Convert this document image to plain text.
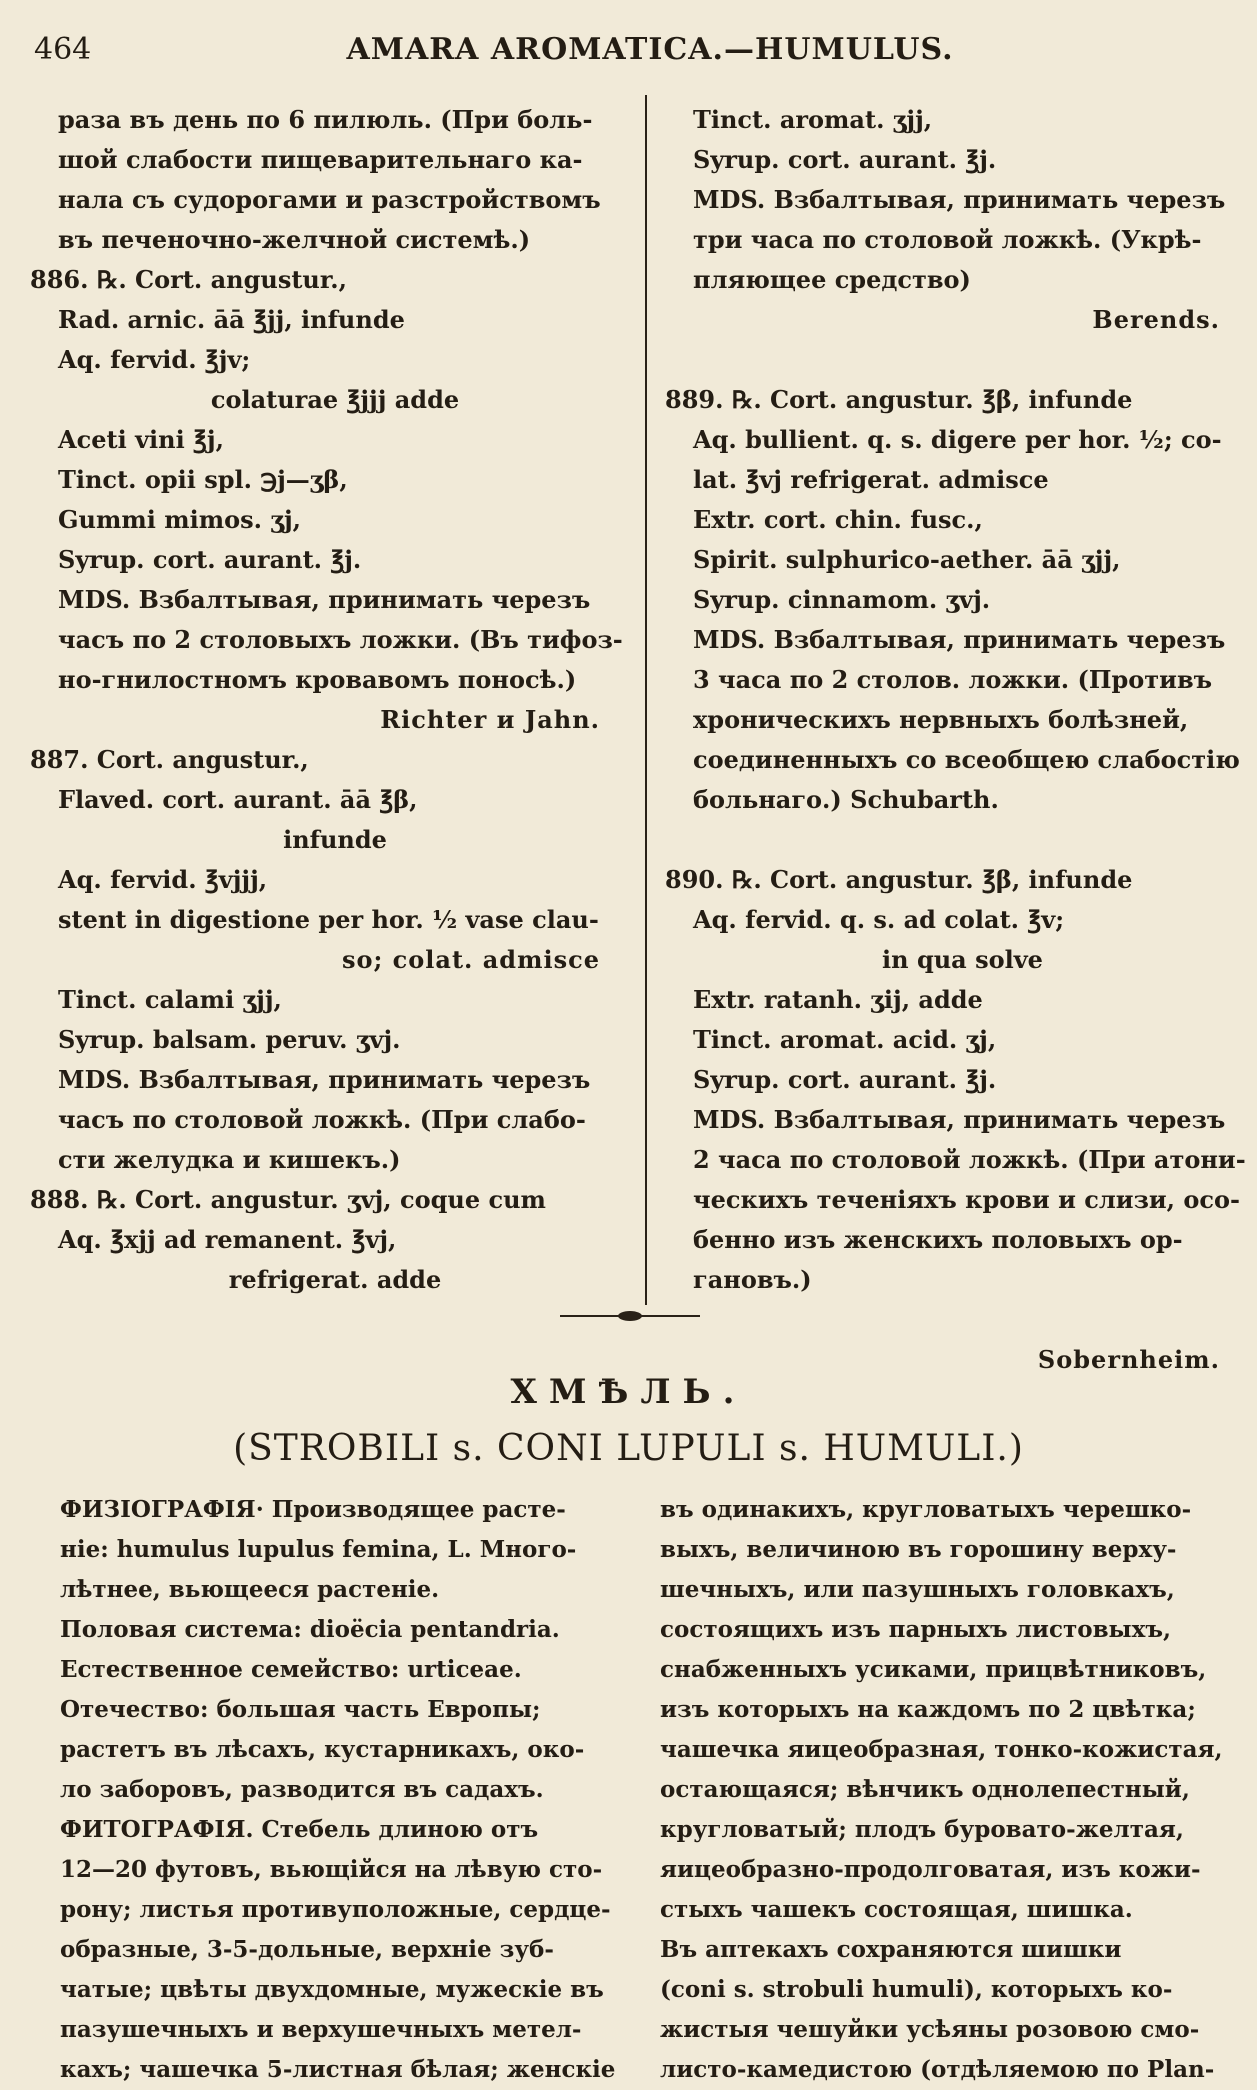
464	AMARA AROMATICA.—HUMULUS.
раза въ день по 6 пилюль. (При боль-
шой слабости пищеварительнаго ка-
нала съ судорогами и разстройствомъ
въ печеночно-желчной системѣ.)
886. ℞. Cort. angustur.,
Rad. arnic. āā ℥jj, infunde
Aq. fervid. ℥jv;
colaturae ℥jjj adde
Aceti vini ℥j,
Tinct. opii spl. ℈j—ʒβ,
Gummi mimos. ʒj,
Syrup. cort. aurant. ℥j.
MDS. Взбалтывая, принимать черезъ
часъ по 2 столовыхъ ложки. (Въ тифоз-
но-гнилостномъ кровавомъ поносѣ.)
Richter и Jahn.
887. Cort. angustur.,
Flaved. cort. aurant. āā ℥β,
infunde
Aq. fervid. ℥vjjj,
stent in digestione per hor. ½ vase clau-
so; colat. admisce
Tinct. calami ʒjj,
Syrup. balsam. peruv. ʒvj.
MDS. Взбалтывая, принимать черезъ
часъ по столовой ложкѣ. (При слабо-
сти желудка и кишекъ.)
888. ℞. Cort. angustur. ʒvj, coque cum
Aq. ℥xjj ad remanent. ℥vj,
refrigerat. adde
Tinct. aromat. ʒjj,
Syrup. cort. aurant. ℥j.
MDS. Взбалтывая, принимать черезъ
три часа по столовой ложкѣ. (Укрѣ-
пляющее средство)
Berends.
889. ℞. Cort. angustur. ℥β, infunde
Aq. bullient. q. s. digere per hor. ½; co-
lat. ℥vj refrigerat. admisce
Extr. cort. chin. fusc.,
Spirit. sulphurico-aether. āā ʒjj,
Syrup. cinnamom. ʒvj.
MDS. Взбалтывая, принимать черезъ
3 часа по 2 столов. ложки. (Противъ
хроническихъ нервныхъ болѣзней,
соединенныхъ со всеобщею слабостію
больнаго.) Schubarth.
890. ℞. Cort. angustur. ℥β, infunde
Aq. fervid. q. s. ad colat. ℥v;
in qua solve
Extr. ratanh. ʒij, adde
Tinct. aromat. acid. ʒj,
Syrup. cort. aurant. ℥j.
MDS. Взбалтывая, принимать черезъ
2 часа по столовой ложкѣ. (При атони-
ческихъ теченіяхъ крови и слизи, осо-
бенно изъ женскихъ половыхъ ор-
гановъ.)
Sobernheim.
ХМѢЛЬ.
(STROBILI s. CONI LUPULI s. HUMULI.)
ФИЗІОГРАФІЯ· Производящее расте-
ніе: humulus lupulus femina, L. Много-
лѣтнее, вьющееся растеніе.
Половая система: dioëcia pentandria.
Естественное семейство: urticeae.
Отечество: большая часть Европы;
растетъ въ лѣсахъ, кустарникахъ, око-
ло заборовъ, разводится въ садахъ.
ФИТОГРАФІЯ. Стебель длиною отъ
12—20 футовъ, вьющійся на лѣвую сто-
рону; листья противуположные, сердце-
образные, 3-5-дольные, верхніе зуб-
чатые; цвѣты двухдомные, мужескіе въ
пазушечныхъ и верхушечныхъ метел-
кахъ; чашечка 5-листная бѣлая; женскіе
въ одинакихъ, кругловатыхъ черешко-
выхъ, величиною въ горошину верху-
шечныхъ, или пазушныхъ головкахъ,
состоящихъ изъ парныхъ листовыхъ,
снабженныхъ усиками, прицвѣтниковъ,
изъ которыхъ на каждомъ по 2 цвѣтка;
чашечка яицеобразная, тонко-кожистая,
остающаяся; вѣнчикъ однолепестный,
кругловатый; плодъ буровато-желтая,
яицеобразно-продолговатая, изъ кожи-
стыхъ чашекъ состоящая, шишка.
Въ аптекахъ сохраняются шишки
(coni s. strobuli humuli), которыхъ ко-
жистыя чешуйки усѣяны розовою смо-
листо-камедистою (отдѣляемою по Plan-
